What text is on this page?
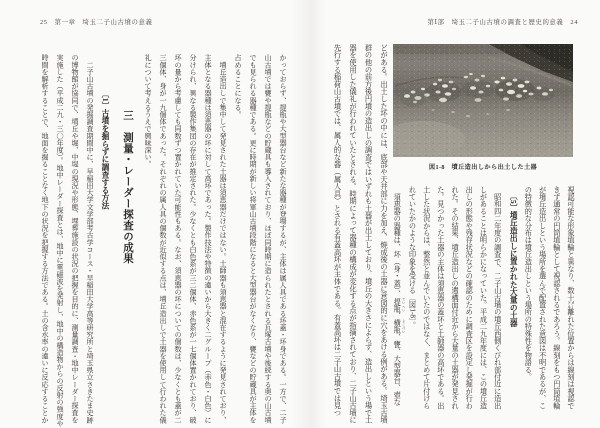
25　第一章　埼玉二子山古墳の意義	第Ⅰ部　埼玉二子山古墳の調査と歴史的意義　24

かっておらず、提瓶や大型器台など新たな器種が登場するが、主体は属人具である坏蓋・坏身である。一方で、二子

山古墳では甕や提瓶などの貯蔵具も導入されており、ほぼ同時期に造られたとされる瓦塚古墳や後続する奥の山古墳

でも見られる器種である。更に時期が新しい将軍山古墳段階になると大型器台がなくなり、甕などの貯蔵具が主体を

占めることになる。

　墳丘造出しで集中して発見された土器は須恵器だけではない。土師器も須恵器と混在するように発見されており、

主体となる器種は須恵器の坏に対して高坏であった。製作技法や特徴の違いから大きく二グループ（赤色・白色）に

分けられ、異なる製作集団の存在が推定された。少なくとも白色系が三二個体、赤色系が一七個体置かれており、破

坏の量から考慮しても同数ずつ置かれていた可能性もある。なお、須恵器の坏についての個数は、少なくとも蓋が二

三個体、身が一九個体であった。それぞれの属人具の個数が近似する点は、墳丘造出しで土器を使用して行われた儀

礼について考えるうえで興味深い。

三　測量・レーダー探査の成果

〔1〕古墳を掘らずに調査する方法

　二子山古墳の発掘調査期間中に、早稲田大学文学部考古学コース・早稲田大学高等研究所と埼玉県立さきたま史跡

の博物館が協同で、墳丘や堀、中堤の現況や形態、埋葬施設の状況の把握を目的に、測量調査・地中レーダー探査を

実施した（平成二九・三〇年度）。地中レーダー探査とは、地中に電磁波を発射し、地中の構造物からの反射の強度や

時間を解析することで、地面を掘ることなく地下の状況を把握する方法である。土の含水率の違いに反応することか	図1-8　墳丘造出しから出土した土器

視認可能な形象埴輪と異なり、数十㍍離れた位置からは線刻は視認で

きず通常の円筒埴輪として視認されるであろう。線刻をもつ円筒埴輪

が墳丘造出しという場所を選んで配置された意図は不明であるが、こ

の特徴的な分布は墳丘造出しという場所の特殊性を物語る。

〔5〕墳丘造出しに置かれた大量の土器

　昭和四二年度の調査で、二子山古墳の墳丘西側くびれ部付近に造出

しがあることは明らかになっていた。平成二九年度には、この墳丘造

出しの形態や残存状況などの確認のために調査区を設定し発掘が行わ

れた。その結果、墳丘造出しの遺構面付近から大量の土器が発見され

た。見つかった土器の主体は須恵器の蓋坏と土師器の高坏である。出

土した状況からは、整然と並んでいたのではなく、まとめて片付けら

れていたかのような印象を受ける〔図1-8〕。

　須恵器の器種は、坏（身・蓋）、提瓶 ていへい、横瓶 よこべい、甕、大型器台、壺な

どがある。出土した坏の中には、底部や天井部に力を加え、焼成後の土器に意図的に穴をあける例がある。埼玉古墳

群の他の前方後円墳の造出しの調査ではいずれも土器が出土しており、墳丘の大きさによらず、造出しという場で土

器を使用した儀礼が行われていたとされる。時期によって器種の構成が変化する点が指摘されており、二子山古墳に

先行する稲荷山古墳では、属人的な器（属人具）とされる有蓋高坏が主体である。有蓋高坏は二子山古墳では見つ
